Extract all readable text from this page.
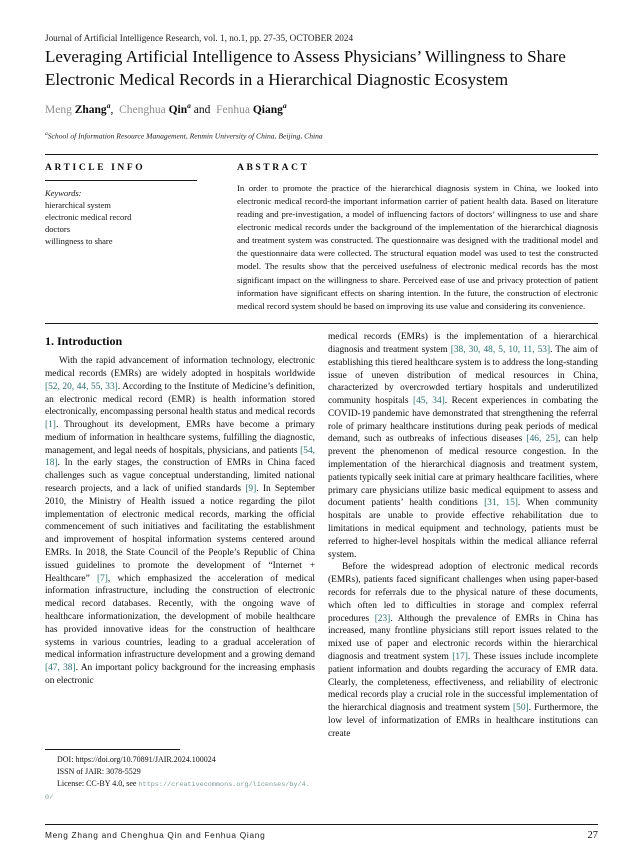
Journal of Artificial Intelligence Research, vol. 1, no.1, pp. 27-35, OCTOBER 2024
Leveraging Artificial Intelligence to Assess Physicians’ Willingness to Share Electronic Medical Records in a Hierarchical Diagnostic Ecosystem
Meng Zhang$^a$, Chenghua Qin$^a$ and Fenhua Qiang$^a$
$^a$School of Information Resource Management, Renmin University of China, Beijing, China
ARTICLE INFO
Keywords:
hierarchical system
electronic medical record
doctors
willingness to share
ABSTRACT
In order to promote the practice of the hierarchical diagnosis system in China, we looked into electronic medical record-the important information carrier of patient health data. Based on literature reading and pre-investigation, a model of influencing factors of doctors’ willingness to use and share electronic medical records under the background of the implementation of the hierarchical diagnosis and treatment system was constructed. The questionnaire was designed with the traditional model and the questionnaire data were collected. The structural equation model was used to test the constructed model. The results show that the perceived usefulness of electronic medical records has the most significant impact on the willingness to share. Perceived ease of use and privacy protection of patient information have significant effects on sharing intention. In the future, the construction of electronic medical record system should be based on improving its use value and considering its convenience.
1. Introduction

With the rapid advancement of information technology, electronic medical records (EMRs) are widely adopted in hospitals worldwide [52, 20, 44, 55, 33]. According to the Institute of Medicine’s definition, an electronic medical record (EMR) is health information stored electronically, encompassing personal health status and medical records [1]. Throughout its development, EMRs have become a primary medium of information in healthcare systems, fulfilling the diagnostic, management, and legal needs of hospitals, physicians, and patients [54, 18]. In the early stages, the construction of EMRs in China faced challenges such as vague conceptual understanding, limited national research projects, and a lack of unified standards [9]. In September 2010, the Ministry of Health issued a notice regarding the pilot implementation of electronic medical records, marking the official commencement of such initiatives and facilitating the establishment and improvement of hospital information systems centered around EMRs. In 2018, the State Council of the People’s Republic of China issued guidelines to promote the development of “Internet + Healthcare” [7], which emphasized the acceleration of medical information infrastructure, including the construction of electronic medical record databases. Recently, with the ongoing wave of healthcare informationization, the development of mobile healthcare has provided innovative ideas for the construction of healthcare systems in various countries, leading to a gradual acceleration of medical information infrastructure development and a growing demand [47, 38]. An important policy background for the increasing emphasis on electronic

DOI: https://doi.org/10.70891/JAIR.2024.100024
ISSN of JAIR: 3078-5529
License: CC-BY 4.0, see https://creativecommons.org/licenses/by/4.0/

medical records (EMRs) is the implementation of a hierarchical diagnosis and treatment system [38, 30, 48, 5, 10, 11, 53]. The aim of establishing this tiered healthcare system is to address the long-standing issue of uneven distribution of medical resources in China, characterized by overcrowded tertiary hospitals and underutilized community hospitals [45, 34]. Recent experiences in combating the COVID-19 pandemic have demonstrated that strengthening the referral role of primary healthcare institutions during peak periods of medical demand, such as outbreaks of infectious diseases [46, 25], can help prevent the phenomenon of medical resource congestion. In the implementation of the hierarchical diagnosis and treatment system, patients typically seek initial care at primary healthcare facilities, where primary care physicians utilize basic medical equipment to assess and document patients’ health conditions [31, 15]. When community hospitals are unable to provide effective rehabilitation due to limitations in medical equipment and technology, patients must be referred to higher-level hospitals within the medical alliance referral system.

Before the widespread adoption of electronic medical records (EMRs), patients faced significant challenges when using paper-based records for referrals due to the physical nature of these documents, which often led to difficulties in storage and complex referral procedures [23]. Although the prevalence of EMRs in China has increased, many frontline physicians still report issues related to the mixed use of paper and electronic records within the hierarchical diagnosis and treatment system [17]. These issues include incomplete patient information and doubts regarding the accuracy of EMR data. Clearly, the completeness, effectiveness, and reliability of electronic medical records play a crucial role in the successful implementation of the hierarchical diagnosis and treatment system [50]. Furthermore, the low level of informatization of EMRs in healthcare institutions can create

Meng Zhang and Chenghua Qin and Fenhua Qiang	27
